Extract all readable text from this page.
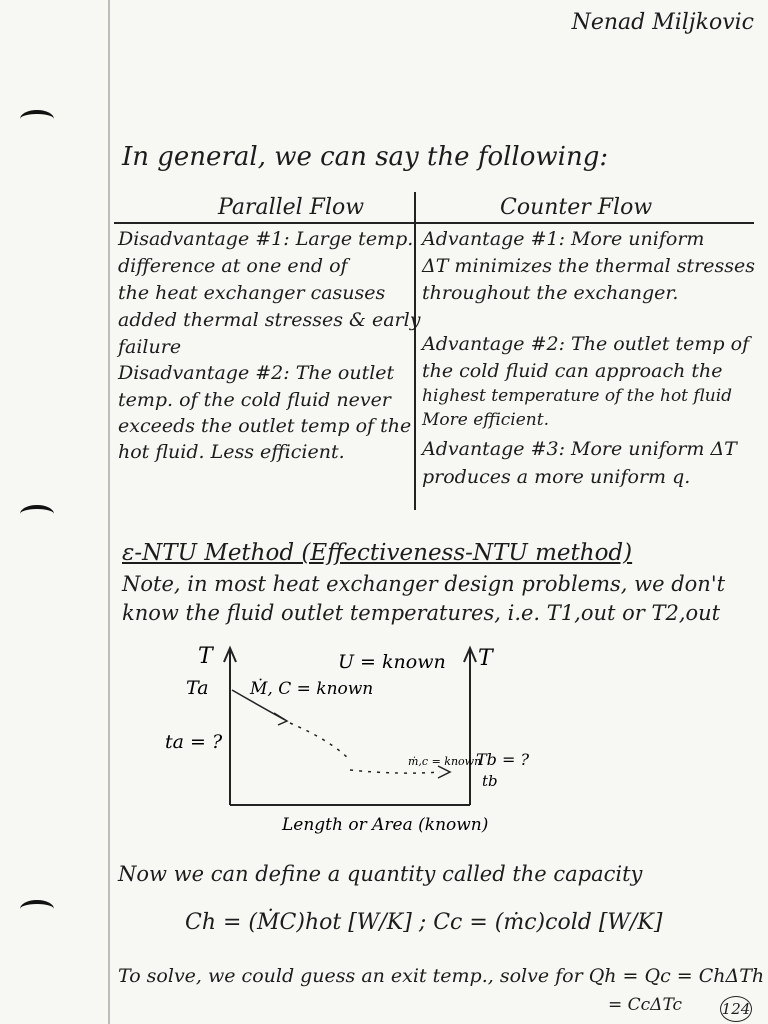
Nenad Miljkovic
In general, we can say the following:
Parallel Flow	Counter Flow
Disadvantage #1: Large temp.
difference at one end of
the heat exchanger casuses
added thermal stresses & early
failure
Disadvantage #2: The outlet
temp. of the cold fluid never
exceeds the outlet temp of the
hot fluid. Less efficient.
Advantage #1: More uniform
ΔT minimizes the thermal stresses
throughout the exchanger.
Advantage #2: The outlet temp of
the cold fluid can approach the
highest temperature of the hot fluid
More efficient.
Advantage #3: More uniform ΔT
produces a more uniform q.
ε-NTU Method (Effectiveness-NTU method)
Note, in most heat exchanger design problems, we don't
know the fluid outlet temperatures, i.e. T1,out or T2,out
T	T
U = known
Ta Ṁ, C = known
ta = ?
ṁ,c = known
Tb = ?
tb
Length or Area (known)
Now we can define a quantity called the capacity
Ch = (ṀC)hot [W/K] ; Cc = (ṁc)cold [W/K]
To solve, we could guess an exit temp., solve for Qh = Qc = ChΔTh
= CcΔTc	124
